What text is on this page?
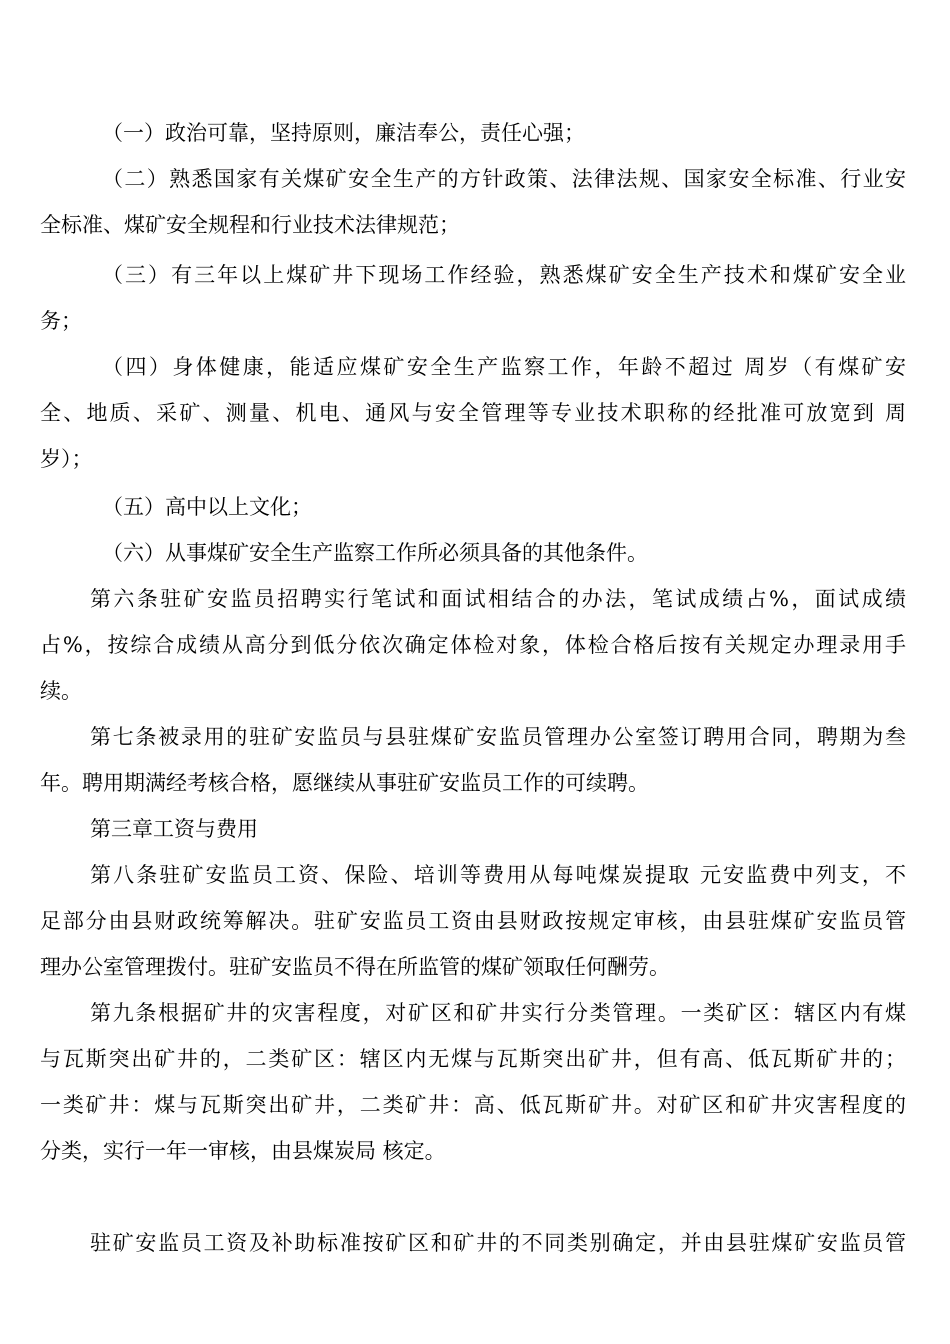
（一）政治可靠，坚持原则，廉洁奉公，责任心强；

（二）熟悉国家有关煤矿安全生产的方针政策、法律法规、国家安全标准、行业安
全标准、煤矿安全规程和行业技术法律规范；

（三）有三年以上煤矿井下现场工作经验，熟悉煤矿安全生产技术和煤矿安全业
务；

（四）身体健康，能适应煤矿安全生产监察工作，年龄不超过 周岁（有煤矿安
全、地质、采矿、测量、机电、通风与安全管理等专业技术职称的经批准可放宽到 周
岁）；

（五）高中以上文化；

（六）从事煤矿安全生产监察工作所必须具备的其他条件。

第六条驻矿安监员招聘实行笔试和面试相结合的办法，笔试成绩占%，面试成绩
占%，按综合成绩从高分到低分依次确定体检对象，体检合格后按有关规定办理录用手
续。

第七条被录用的驻矿安监员与县驻煤矿安监员管理办公室签订聘用合同，聘期为叁
年。聘用期满经考核合格，愿继续从事驻矿安监员工作的可续聘。

第三章工资与费用

第八条驻矿安监员工资、保险、培训等费用从每吨煤炭提取 元安监费中列支，不
足部分由县财政统筹解决。驻矿安监员工资由县财政按规定审核，由县驻煤矿安监员管
理办公室管理拨付。驻矿安监员不得在所监管的煤矿领取任何酬劳。

第九条根据矿井的灾害程度，对矿区和矿井实行分类管理。一类矿区：辖区内有煤
与瓦斯突出矿井的，二类矿区：辖区内无煤与瓦斯突出矿井，但有高、低瓦斯矿井的；
一类矿井：煤与瓦斯突出矿井，二类矿井：高、低瓦斯矿井。对矿区和矿井灾害程度的
分类，实行一年一审核，由县煤炭局 核定。

驻矿安监员工资及补助标准按矿区和矿井的不同类别确定，并由县驻煤矿安监员管
